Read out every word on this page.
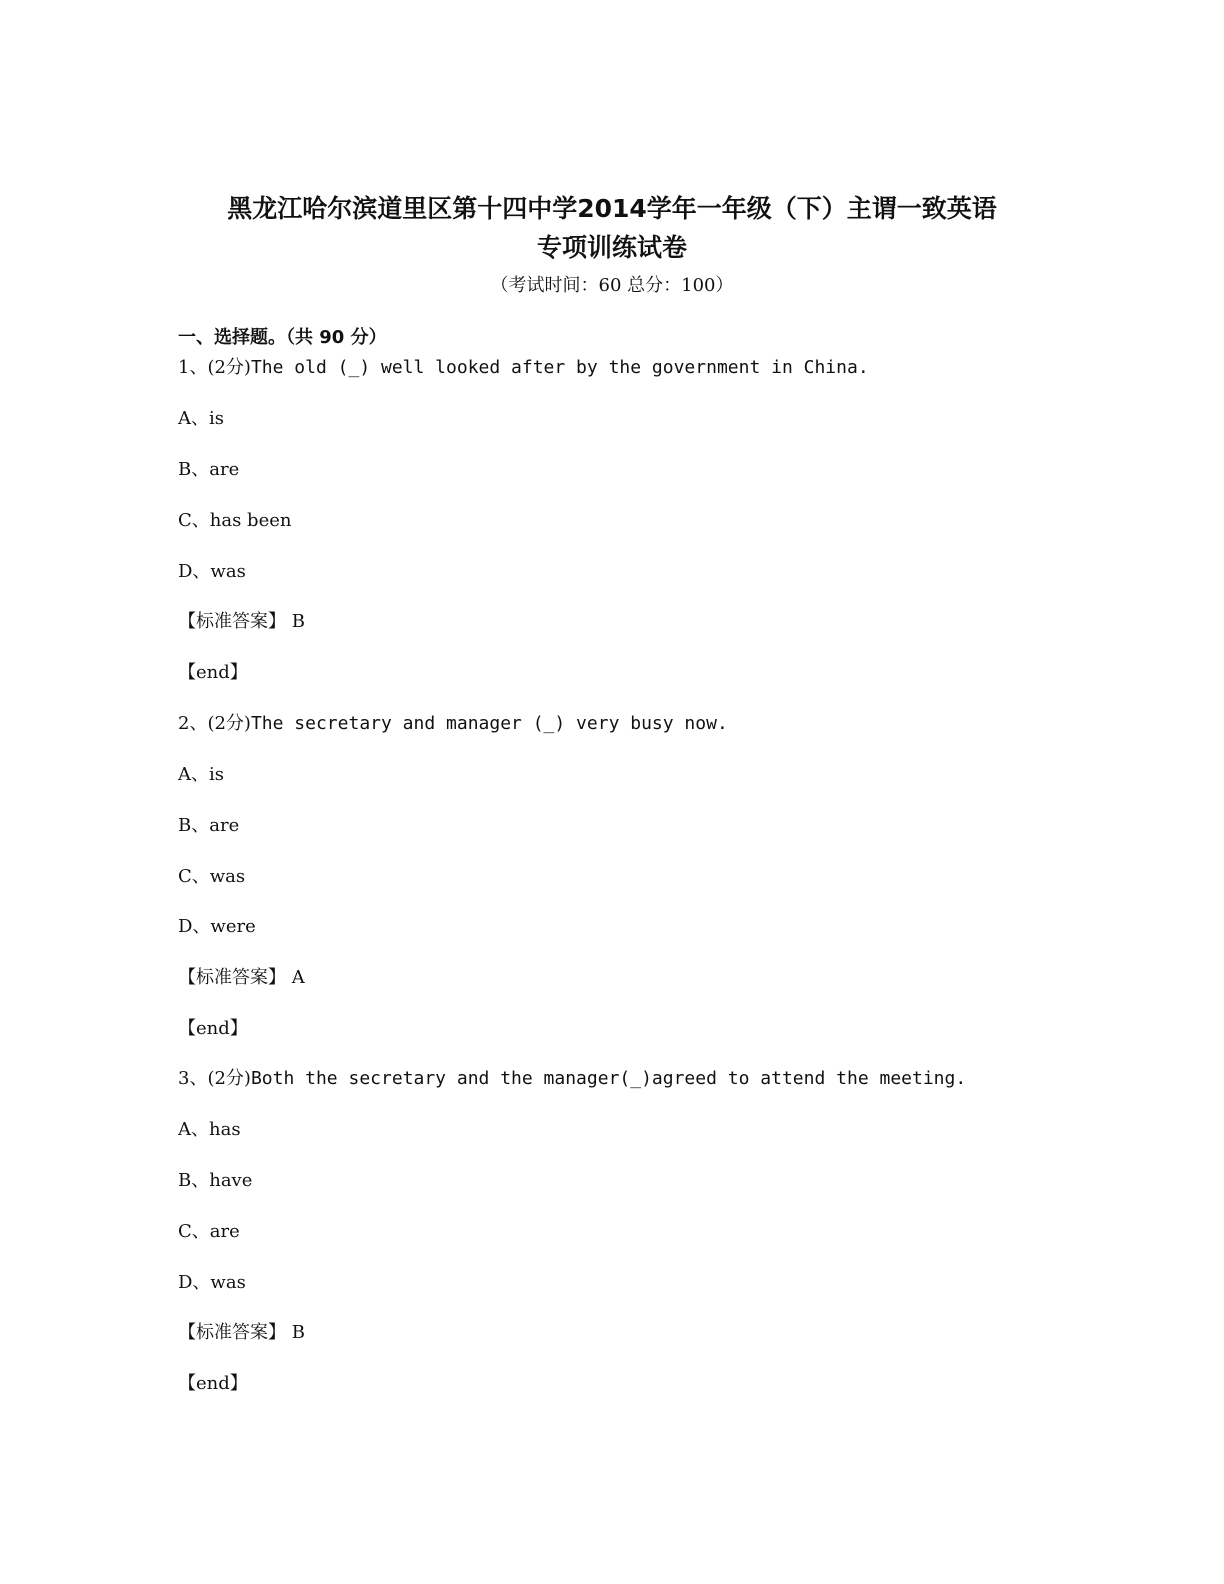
黑龙江哈尔滨道里区第十四中学2014学年一年级（下）主谓一致英语
专项训练试卷
（考试时间：60 总分：100）
一、选择题。（共 90 分）
1、(2分)The old (_) well looked after by the government in China.
A、is
B、are
C、has been
D、was
【标准答案】 B
【end】
2、(2分)The secretary and manager (_) very busy now.
A、is
B、are
C、was
D、were
【标准答案】 A
【end】
3、(2分)Both the secretary and the manager(_)agreed to attend the meeting.
A、has
B、have
C、are
D、was
【标准答案】 B
【end】
